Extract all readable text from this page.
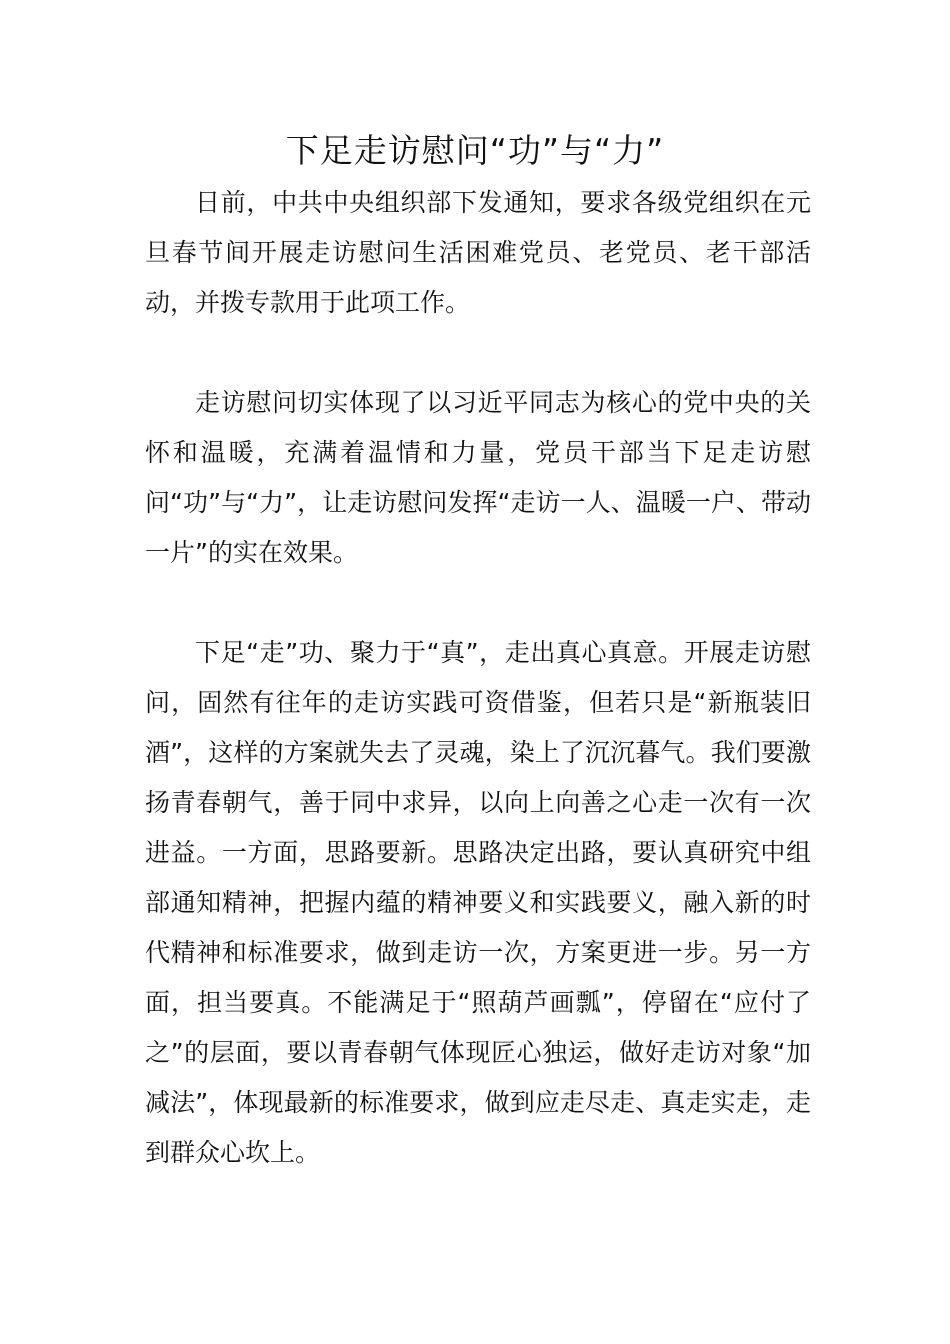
下足走访慰问“功”与“力”

日前，中共中央组织部下发通知，要求各级党组织在元旦春节间开展走访慰问生活困难党员、老党员、老干部活动，并拨专款用于此项工作。

走访慰问切实体现了以习近平同志为核心的党中央的关怀和温暖，充满着温情和力量，党员干部当下足走访慰问“功”与“力”，让走访慰问发挥“走访一人、温暖一户、带动一片”的实在效果。

下足“走”功、聚力于“真”，走出真心真意。开展走访慰问，固然有往年的走访实践可资借鉴，但若只是“新瓶装旧酒”，这样的方案就失去了灵魂，染上了沉沉暮气。我们要激扬青春朝气，善于同中求异，以向上向善之心走一次有一次进益。一方面，思路要新。思路决定出路，要认真研究中组部通知精神，把握内蕴的精神要义和实践要义，融入新的时代精神和标准要求，做到走访一次，方案更进一步。另一方面，担当要真。不能满足于“照葫芦画瓢”，停留在“应付了之”的层面，要以青春朝气体现匠心独运，做好走访对象“加减法”，体现最新的标准要求，做到应走尽走、真走实走，走到群众心坎上。
